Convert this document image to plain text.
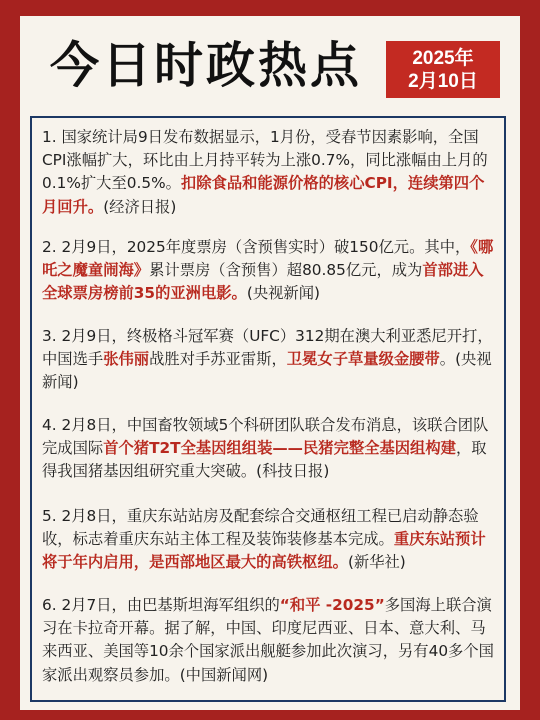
今日时政热点	2025年
2月10日
1. 国家统计局9日发布数据显示，1月份，受春节因素影响，全国CPI涨幅扩大，环比由上月持平转为上涨0.7%，同比涨幅由上月的0.1%扩大至0.5%。扣除食品和能源价格的核心CPI，连续第四个月回升。(经济日报)
2. 2月9日，2025年度票房（含预售实时）破150亿元。其中，《哪吒之魔童闹海》累计票房（含预售）超80.85亿元，成为首部进入全球票房榜前35的亚洲电影。(央视新闻)
3. 2月9日，终极格斗冠军赛（UFC）312期在澳大利亚悉尼开打，中国选手张伟丽战胜对手苏亚雷斯，卫冕女子草量级金腰带。(央视新闻)
4. 2月8日，中国畜牧领域5个科研团队联合发布消息，该联合团队完成国际首个猪T2T全基因组组装——民猪完整全基因组构建，取得我国猪基因组研究重大突破。(科技日报)
5. 2月8日，重庆东站站房及配套综合交通枢纽工程已启动静态验收，标志着重庆东站主体工程及装饰装修基本完成。重庆东站预计将于年内启用，是西部地区最大的高铁枢纽。(新华社)
6. 2月7日，由巴基斯坦海军组织的“和平 -2025”多国海上联合演习在卡拉奇开幕。据了解，中国、印度尼西亚、日本、意大利、马来西亚、美国等10余个国家派出舰艇参加此次演习，另有40多个国家派出观察员参加。(中国新闻网)
